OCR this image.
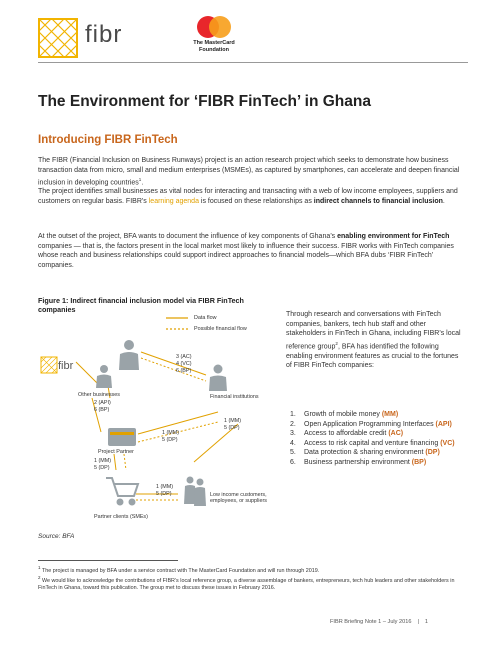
fibr	The MasterCard Foundation
The Environment for ‘FIBR FinTech’ in Ghana
Introducing FIBR FinTech

The FIBR (Financial Inclusion on Business Runways) project is an action research project which seeks to demonstrate how business transaction data from micro, small and medium enterprises (MSMEs), as captured by smartphones, can accelerate and deepen financial inclusion in developing countries$^1$.

The project identifies small businesses as vital nodes for interacting and transacting with a web of low income employees, suppliers and customers on regular basis. FIBR’s learning agenda is focused on these relationships as indirect channels to financial inclusion.

At the outset of the project, BFA wants to document the influence of key components of Ghana’s enabling environment for FinTech companies — that is, the factors present in the local market most likely to influence their success. FIBR works with FinTech companies whose reach and business relationships could support indirect approaches to financial models—which BFA dubs ‘FIBR FinTech’ companies.

Figure 1: Indirect financial inclusion model via FIBR FinTech companies
fibr
Data flow
Possible financial flow
Other businesses
2 (API)
6 (BP)
3 (AC)
4 (VC)
6 (BP)
Financial institutions
1 (MM)
5 (DP)
Project Partner
1 (MM)
5 (DP)
1 (MM)
5 (DP)
1 (MM)
5 (DP)	Low income customers, employees, or suppliers
Partner clients (SMEs)
Source: BFA

Through research and conversations with FinTech companies, bankers, tech hub staff and other stakeholders in FinTech in Ghana, including FIBR’s local reference group$^2$, BFA has identified the following enabling environment features as crucial to the fortunes of FIBR FinTech companies:

1. Growth of mobile money (MM)
2. Open Application Programming Interfaces (API)
3. Access to affordable credit (AC)
4. Access to risk capital and venture financing (VC)
5. Data protection & sharing environment (DP)
6. Business partnership environment (BP)

$^1$ The project is managed by BFA under a service contract with The MasterCard Foundation and will run through 2019.

$^2$ We would like to acknowledge the contributions of FIBR’s local reference group, a diverse assemblage of bankers, entrepreneurs, tech hub leaders and other stakeholders in FinTech in Ghana, toward this publication. The group met to discuss these issues in February 2016.

FIBR Briefing Note 1 – July 2016 | 1
